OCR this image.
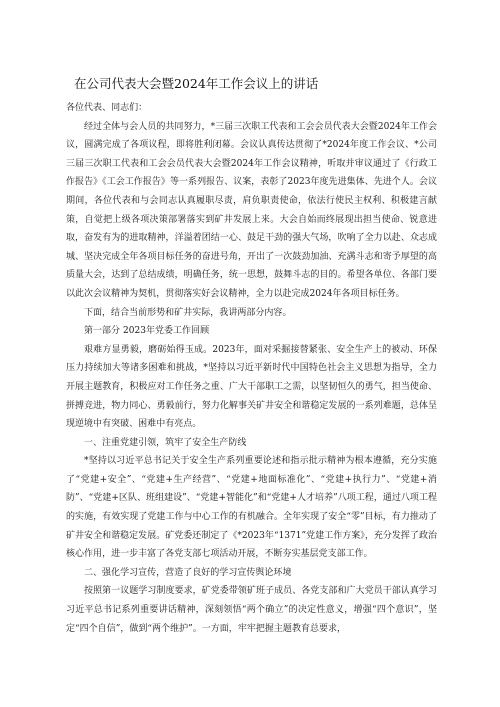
在公司代表大会暨2024年工作会议上的讲话

各位代表、同志们：

经过全体与会人员的共同努力，*三届三次职工代表和工会会员代表大会暨2024年工作会议，圆满完成了各项议程，即将胜利闭幕。会议认真传达贯彻了*2024年度工作会议、*公司三届三次职工代表和工会会员代表大会暨2024年工作会议精神，听取并审议通过了《行政工作报告》《工会工作报告》等一系列报告、议案，表彰了2023年度先进集体、先进个人。会议期间，各位代表和与会同志认真履职尽责，肩负职责使命，依法行使民主权利、积极建言献策，自觉把上级各项决策部署落实到矿井发展上来。大会自始而终展现出担当使命、锐意进取，奋发有为的进取精神，洋溢着团结一心、鼓足干劲的强大气场，吹响了全力以赴、众志成城、坚决完成全年各项目标任务的奋进号角，开出了一次鼓劲加油、充满斗志和寄予厚望的高质量大会，达到了总结成绩，明确任务，统一思想，鼓舞斗志的目的。希望各单位、各部门要以此次会议精神为契机，贯彻落实好会议精神，全力以赴完成2024年各项目标任务。

下面，结合当前形势和矿井实际，我讲两部分内容。

第一部分 2023年党委工作回顾

艰难方显勇毅，磨砺始得玉成。2023年，面对采掘接替紧张、安全生产上的被动、环保压力持续加大等诸多困难和挑战，*坚持以习近平新时代中国特色社会主义思想为指导，全力开展主题教育，积极应对工作任务之重、广大干部职工之需，以坚韧恒久的勇气，担当使命、拼搏竞进，物力同心、勇毅前行，努力化解事关矿井安全和谐稳定发展的一系列难题，总体呈现逆境中有突破、困难中有亮点。

一、注重党建引领，筑牢了安全生产防线

*坚持以习近平总书记关于安全生产系列重要论述和指示批示精神为根本遵循，充分实施了“党建+安全”、“党建+生产经营”、“党建+地面标准化”、“党建+执行力”、“党建+消防”、“党建+区队、班组建设”、“党建+智能化”和“党建+人才培养”八项工程，通过八项工程的实施，有效实现了党建工作与中心工作的有机融合。全年实现了安全“零”目标，有力推动了矿井安全和谐稳定发展。矿党委还制定了《*2023年“1371”党建工作方案》，充分发挥了政治核心作用，进一步丰富了各党支部七项活动开展，不断夯实基层党支部工作。

二、强化学习宣传，营造了良好的学习宣传舆论环境

按照第一议题学习制度要求，矿党委带领矿班子成员、各党支部和广大党员干部认真学习习近平总书记系列重要讲话精神，深刻领悟“两个确立”的决定性意义，增强“四个意识”，坚定“四个自信”，做到“两个维护”。一方面，牢牢把握主题教育总要求，
